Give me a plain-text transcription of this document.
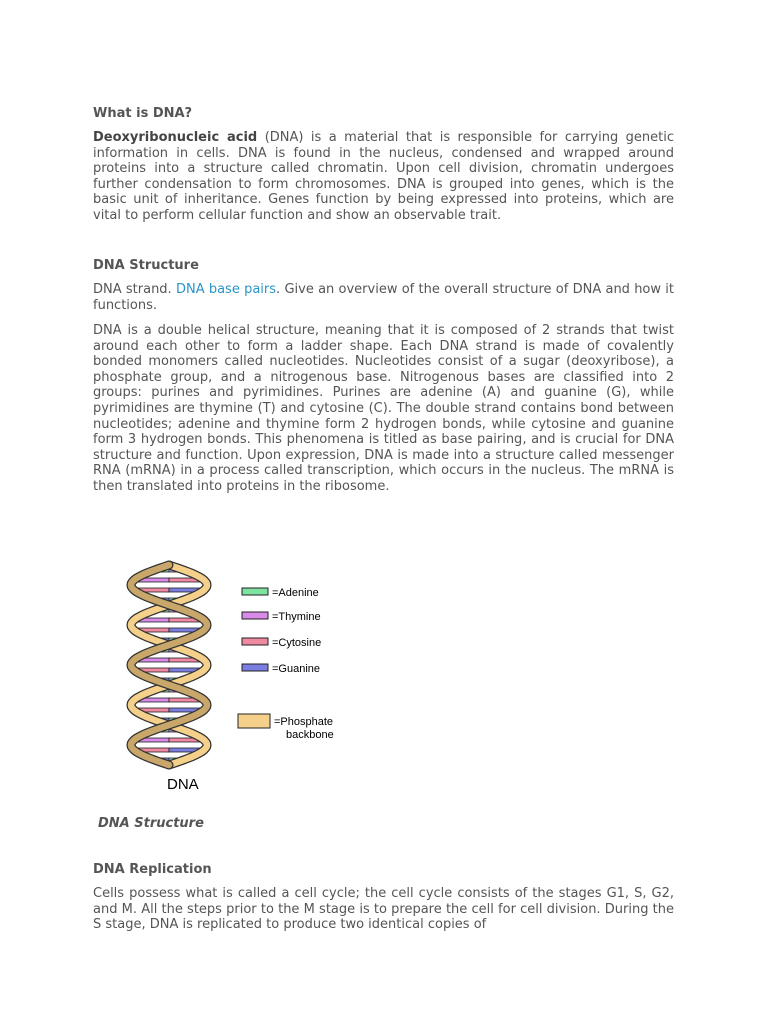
What is DNA?

Deoxyribonucleic acid (DNA) is a material that is responsible for carrying genetic information in cells. DNA is found in the nucleus, condensed and wrapped around proteins into a structure called chromatin. Upon cell division, chromatin undergoes further condensation to form chromosomes. DNA is grouped into genes, which is the basic unit of inheritance. Genes function by being expressed into proteins, which are vital to perform cellular function and show an observable trait.

DNA Structure

DNA strand. DNA base pairs. Give an overview of the overall structure of DNA and how it functions.

DNA is a double helical structure, meaning that it is composed of 2 strands that twist around each other to form a ladder shape. Each DNA strand is made of covalently bonded monomers called nucleotides. Nucleotides consist of a sugar (deoxyribose), a phosphate group, and a nitrogenous base. Nitrogenous bases are classified into 2 groups: purines and pyrimidines. Purines are adenine (A) and guanine (G), while pyrimidines are thymine (T) and cytosine (C). The double strand contains bond between nucleotides; adenine and thymine form 2 hydrogen bonds, while cytosine and guanine form 3 hydrogen bonds. This phenomena is titled as base pairing, and is crucial for DNA structure and function. Upon expression, DNA is made into a structure called messenger RNA (mRNA) in a process called transcription, which occurs in the nucleus. The mRNA is then translated into proteins in the ribosome.

DNA Replication

Cells possess what is called a cell cycle; the cell cycle consists of the stages G1, S, G2, and M. All the steps prior to the M stage is to prepare the cell for cell division. During the S stage, DNA is replicated to produce two identical copies of

DNA
=Adenine
=Thymine
=Cytosine
=Guanine
=Phosphate
backbone
DNA Structure
